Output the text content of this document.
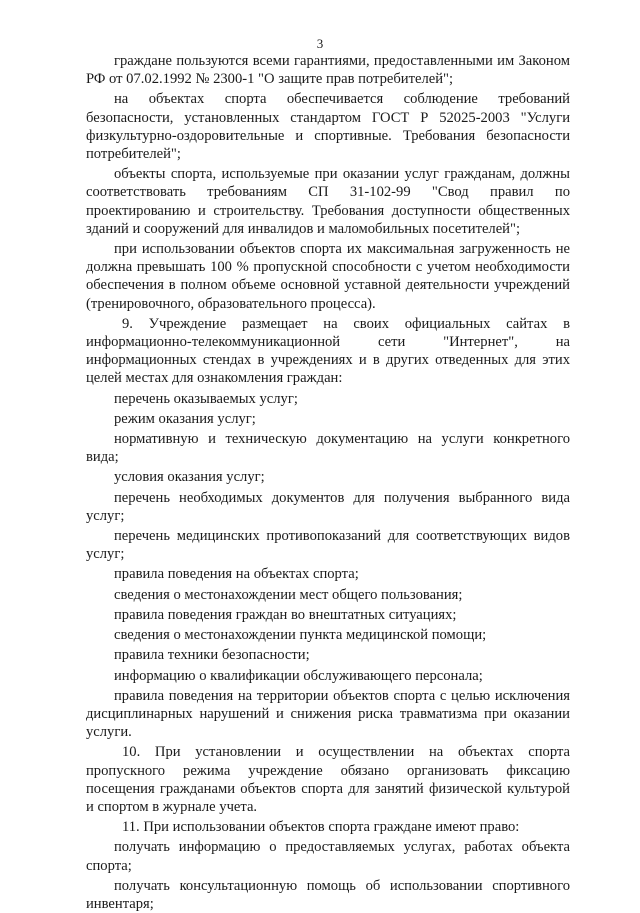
3

граждане пользуются всеми гарантиями, предоставленными им Законом РФ от 07.02.1992 № 2300-1 "О защите прав потребителей";

на объектах спорта обеспечивается соблюдение требований безопасности, установленных стандартом ГОСТ Р 52025-2003 "Услуги физкультурно-оздоровительные и спортивные. Требования безопасности потребителей";

объекты спорта, используемые при оказании услуг гражданам, должны соответствовать требованиям СП 31-102-99 "Свод правил по проектированию и строительству. Требования доступности общественных зданий и сооружений для инвалидов и маломобильных посетителей";

при использовании объектов спорта их максимальная загруженность не должна превышать 100 % пропускной способности с учетом необходимости обеспечения в полном объеме основной уставной деятельности учреждений (тренировочного, образовательного процесса).

9. Учреждение размещает на своих официальных сайтах в информационно-телекоммуникационной сети "Интернет", на информационных стендах в учреждениях и в других отведенных для этих целей местах для ознакомления граждан:

перечень оказываемых услуг;

режим оказания услуг;

нормативную и техническую документацию на услуги конкретного вида;

условия оказания услуг;

перечень необходимых документов для получения выбранного вида услуг;

перечень медицинских противопоказаний для соответствующих видов услуг;

правила поведения на объектах спорта;

сведения о местонахождении мест общего пользования;

правила поведения граждан во внештатных ситуациях;

сведения о местонахождении пункта медицинской помощи;

правила техники безопасности;

информацию о квалификации обслуживающего персонала;

правила поведения на территории объектов спорта с целью исключения дисциплинарных нарушений и снижения риска травматизма при оказании услуги.

10. При установлении и осуществлении на объектах спорта пропускного режима учреждение обязано организовать фиксацию посещения гражданами объектов спорта для занятий физической культурой и спортом в журнале учета.

11. При использовании объектов спорта граждане имеют право:

получать информацию о предоставляемых услугах, работах объекта спорта;

получать консультационную помощь об использовании спортивного инвентаря;
